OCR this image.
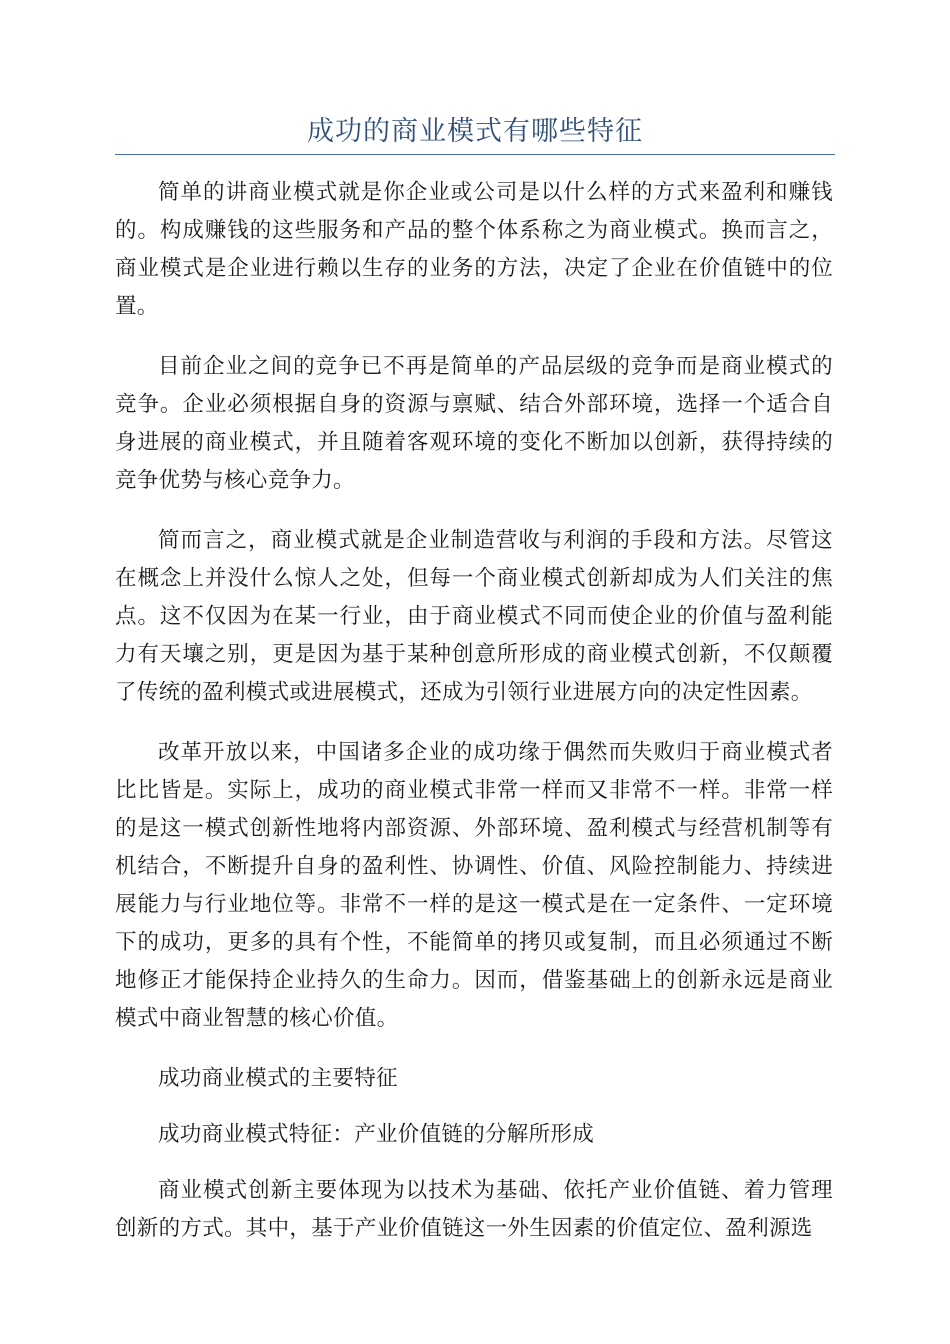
成功的商业模式有哪些特征

简单的讲商业模式就是你企业或公司是以什么样的方式来盈利和赚钱的。构成赚钱的这些服务和产品的整个体系称之为商业模式。换而言之，商业模式是企业进行赖以生存的业务的方法，决定了企业在价值链中的位置。

目前企业之间的竞争已不再是简单的产品层级的竞争而是商业模式的竞争。企业必须根据自身的资源与禀赋、结合外部环境，选择一个适合自身进展的商业模式，并且随着客观环境的变化不断加以创新，获得持续的竞争优势与核心竞争力。

简而言之，商业模式就是企业制造营收与利润的手段和方法。尽管这在概念上并没什么惊人之处，但每一个商业模式创新却成为人们关注的焦点。这不仅因为在某一行业，由于商业模式不同而使企业的价值与盈利能力有天壤之别，更是因为基于某种创意所形成的商业模式创新，不仅颠覆了传统的盈利模式或进展模式，还成为引领行业进展方向的决定性因素。

改革开放以来，中国诸多企业的成功缘于偶然而失败归于商业模式者比比皆是。实际上，成功的商业模式非常一样而又非常不一样。非常一样的是这一模式创新性地将内部资源、外部环境、盈利模式与经营机制等有机结合，不断提升自身的盈利性、协调性、价值、风险控制能力、持续进展能力与行业地位等。非常不一样的是这一模式是在一定条件、一定环境下的成功，更多的具有个性，不能简单的拷贝或复制，而且必须通过不断地修正才能保持企业持久的生命力。因而，借鉴基础上的创新永远是商业模式中商业智慧的核心价值。

成功商业模式的主要特征

成功商业模式特征：产业价值链的分解所形成

商业模式创新主要体现为以技术为基础、依托产业价值链、着力管理创新的方式。其中，基于产业价值链这一外生因素的价值定位、盈利源选
